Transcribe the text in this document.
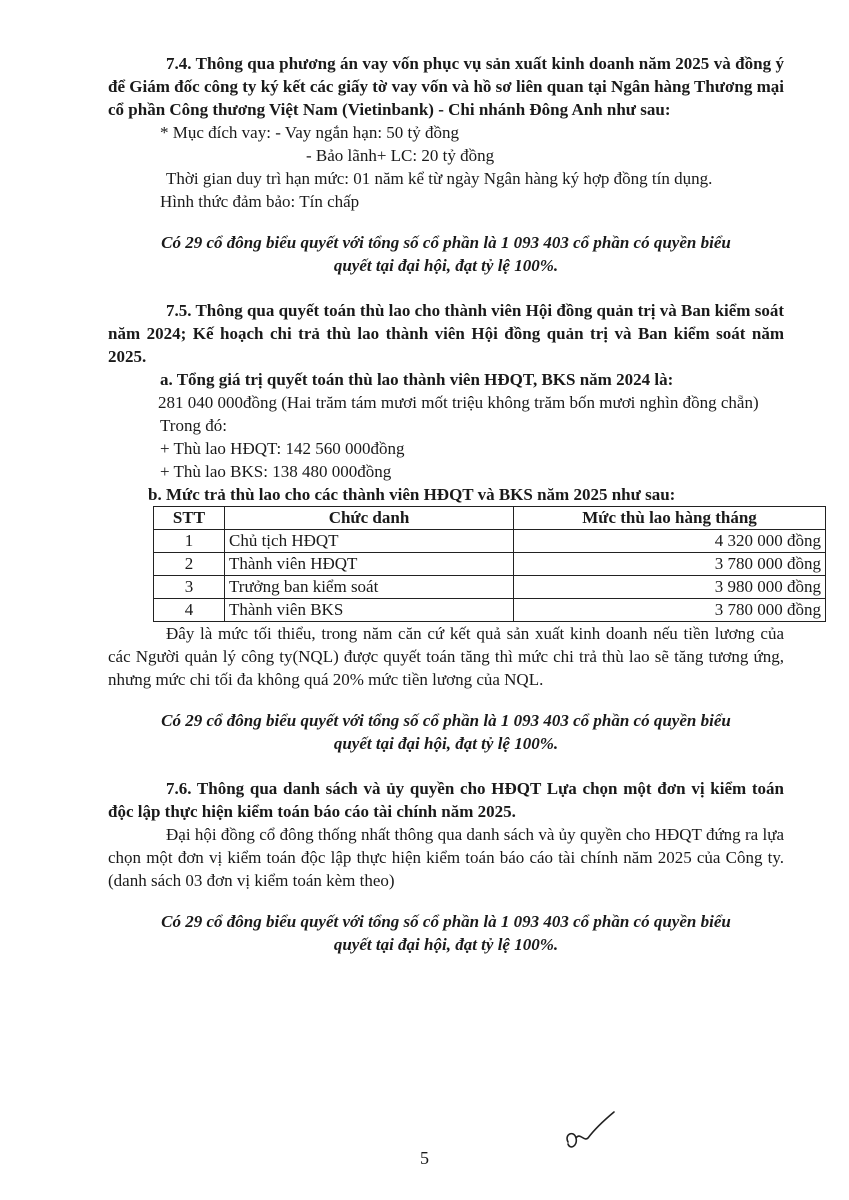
7.4. Thông qua phương án vay vốn phục vụ sản xuất kinh doanh năm 2025 và đồng ý để Giám đốc công ty ký kết các giấy tờ vay vốn và hồ sơ liên quan tại Ngân hàng Thương mại cổ phần Công thương Việt Nam (Vietinbank) - Chi nhánh Đông Anh như sau:

* Mục đích vay: - Vay ngắn hạn: 50 tỷ đồng

- Bảo lãnh+ LC: 20 tỷ đồng

Thời gian duy trì hạn mức: 01 năm kể từ ngày Ngân hàng ký hợp đồng tín dụng.

Hình thức đảm bảo: Tín chấp

Có 29 cổ đông biểu quyết với tổng số cổ phần là 1 093 403 cổ phần có quyền biểu

quyết tại đại hội, đạt tỷ lệ 100%.

7.5. Thông qua quyết toán thù lao cho thành viên Hội đồng quản trị và Ban kiểm soát năm 2024; Kế hoạch chi trả thù lao thành viên Hội đồng quản trị và Ban kiểm soát năm 2025.

a. Tổng giá trị quyết toán thù lao thành viên HĐQT, BKS năm 2024 là:

281 040 000đồng (Hai trăm tám mươi mốt triệu không trăm bốn mươi nghìn đồng chẵn)

Trong đó:

+ Thù lao HĐQT: 142 560 000đồng

+ Thù lao BKS: 138 480 000đồng

b. Mức trả thù lao cho các thành viên HĐQT và BKS năm 2025 như sau:

STT	Chức danh	Mức thù lao hàng tháng
1	Chủ tịch HĐQT	4 320 000 đồng
2	Thành viên HĐQT	3 780 000 đồng
3	Trưởng ban kiểm soát	3 980 000 đồng
4	Thành viên BKS	3 780 000 đồng

Đây là mức tối thiểu, trong năm căn cứ kết quả sản xuất kinh doanh nếu tiền lương của các Người quản lý công ty(NQL) được quyết toán tăng thì mức chi trả thù lao sẽ tăng tương ứng, nhưng mức chi tối đa không quá 20% mức tiền lương của NQL.

Có 29 cổ đông biểu quyết với tổng số cổ phần là 1 093 403 cổ phần có quyền biểu

quyết tại đại hội, đạt tỷ lệ 100%.

7.6. Thông qua danh sách và ủy quyền cho HĐQT Lựa chọn một đơn vị kiểm toán độc lập thực hiện kiểm toán báo cáo tài chính năm 2025.

Đại hội đồng cổ đông thống nhất thông qua danh sách và ủy quyền cho HĐQT đứng ra lựa chọn một đơn vị kiểm toán độc lập thực hiện kiểm toán báo cáo tài chính năm 2025 của Công ty. (danh sách 03 đơn vị kiểm toán kèm theo)

Có 29 cổ đông biểu quyết với tổng số cổ phần là 1 093 403 cổ phần có quyền biểu

quyết tại đại hội, đạt tỷ lệ 100%.

5
